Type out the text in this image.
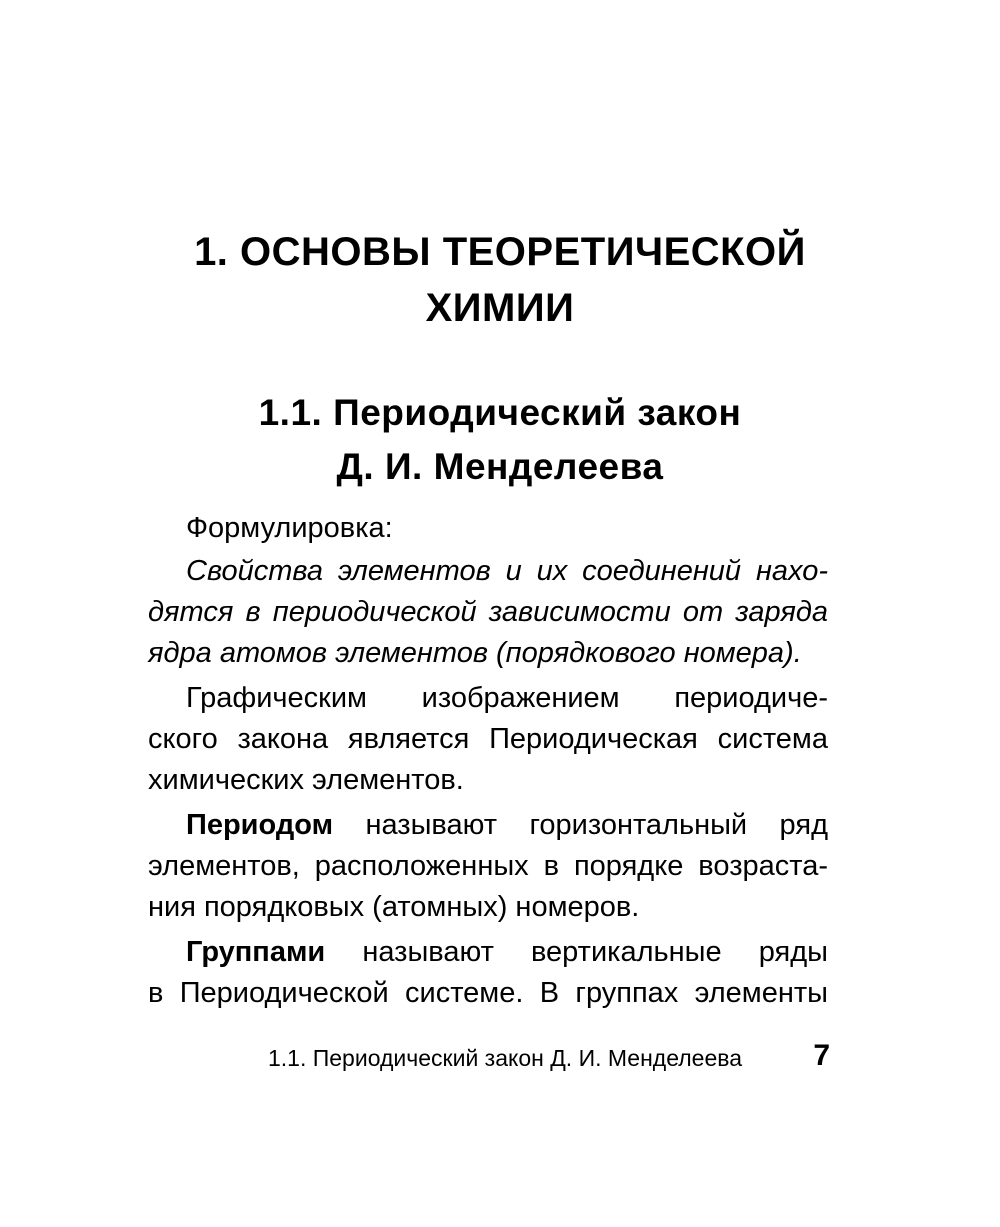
1. ОСНОВЫ ТЕОРЕТИЧЕСКОЙ
ХИМИИ
1.1. Периодический закон
Д. И. Менделеева
Формулировка:
Свойства элементов и их соединений нахо-
дятся в периодической зависимости от заряда
ядра атомов элементов (порядкового номера).
Графическим изображением периодиче-
ского закона является Периодическая система
химических элементов.
Периодом называют горизонтальный ряд
элементов, расположенных в порядке возраста-
ния порядковых (атомных) номеров.
Группами называют вертикальные ряды
в Периодической системе. В группах элементы
1.1. Периодический закон Д. И. Менделеева	7
